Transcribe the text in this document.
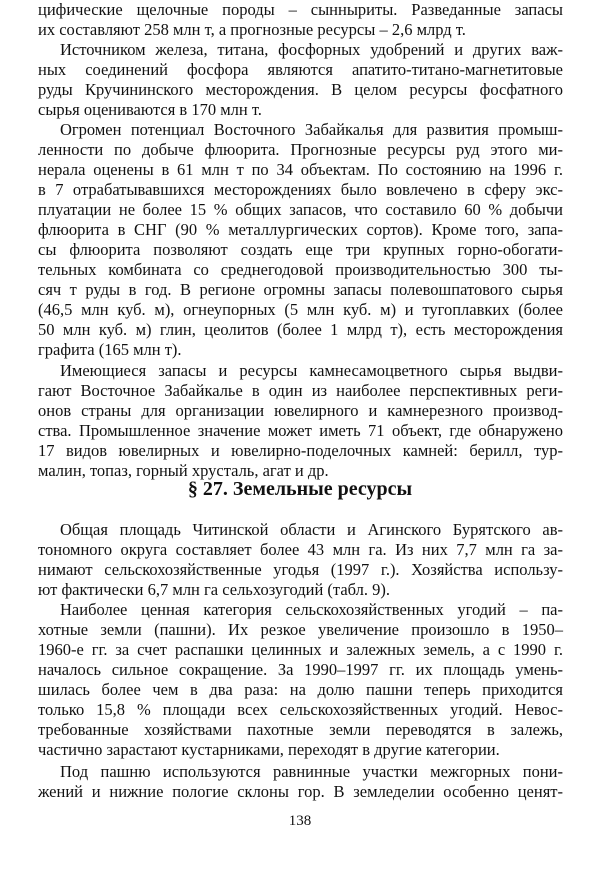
цифические щелочные породы – сынныриты. Разведанные запасы
их составляют 258 млн т, а прогнозные ресурсы – 2,6 млрд т.
Источником железа, титана, фосфорных удобрений и других важ-
ных соединений фосфора являются апатито-титано-магнетитовые
руды Кручининского месторождения. В целом ресурсы фосфатного
сырья оцениваются в 170 млн т.
Огромен потенциал Восточного Забайкалья для развития промыш-
ленности по добыче флюорита. Прогнозные ресурсы руд этого ми-
нерала оценены в 61 млн т по 34 объектам. По состоянию на 1996 г.
в 7 отрабатывавшихся месторождениях было вовлечено в сферу экс-
плуатации не более 15 % общих запасов, что составило 60 % добычи
флюорита в СНГ (90 % металлургических сортов). Кроме того, запа-
сы флюорита позволяют создать еще три крупных горно-обогати-
тельных комбината со среднегодовой производительностью 300 ты-
сяч т руды в год. В регионе огромны запасы полевошпатового сырья
(46,5 млн куб. м), огнеупорных (5 млн куб. м) и тугоплавких (более
50 млн куб. м) глин, цеолитов (более 1 млрд т), есть месторождения
графита (165 млн т).
Имеющиеся запасы и ресурсы камнесамоцветного сырья выдви-
гают Восточное Забайкалье в один из наиболее перспективных реги-
онов страны для организации ювелирного и камнерезного производ-
ства. Промышленное значение может иметь 71 объект, где обнаружено
17 видов ювелирных и ювелирно-поделочных камней: берилл, тур-
малин, топаз, горный хрусталь, агат и др.
Общая площадь Читинской области и Агинского Бурятского ав-
тономного округа составляет более 43 млн га. Из них 7,7 млн га за-
нимают сельскохозяйственные угодья (1997 г.). Хозяйства использу-
ют фактически 6,7 млн га сельхозугодий (табл. 9).
Наиболее ценная категория сельскохозяйственных угодий – па-
хотные земли (пашни). Их резкое увеличение произошло в 1950–
1960-е гг. за счет распашки целинных и залежных земель, а с 1990 г.
началось сильное сокращение. За 1990–1997 гг. их площадь умень-
шилась более чем в два раза: на долю пашни теперь приходится
только 15,8 % площади всех сельскохозяйственных угодий. Невос-
требованные хозяйствами пахотные земли переводятся в залежь,
частично зарастают кустарниками, переходят в другие категории.
Под пашню используются равнинные участки межгорных пони-
жений и нижние пологие склоны гор. В земледелии особенно ценят-
§ 27. Земельные ресурсы
138
